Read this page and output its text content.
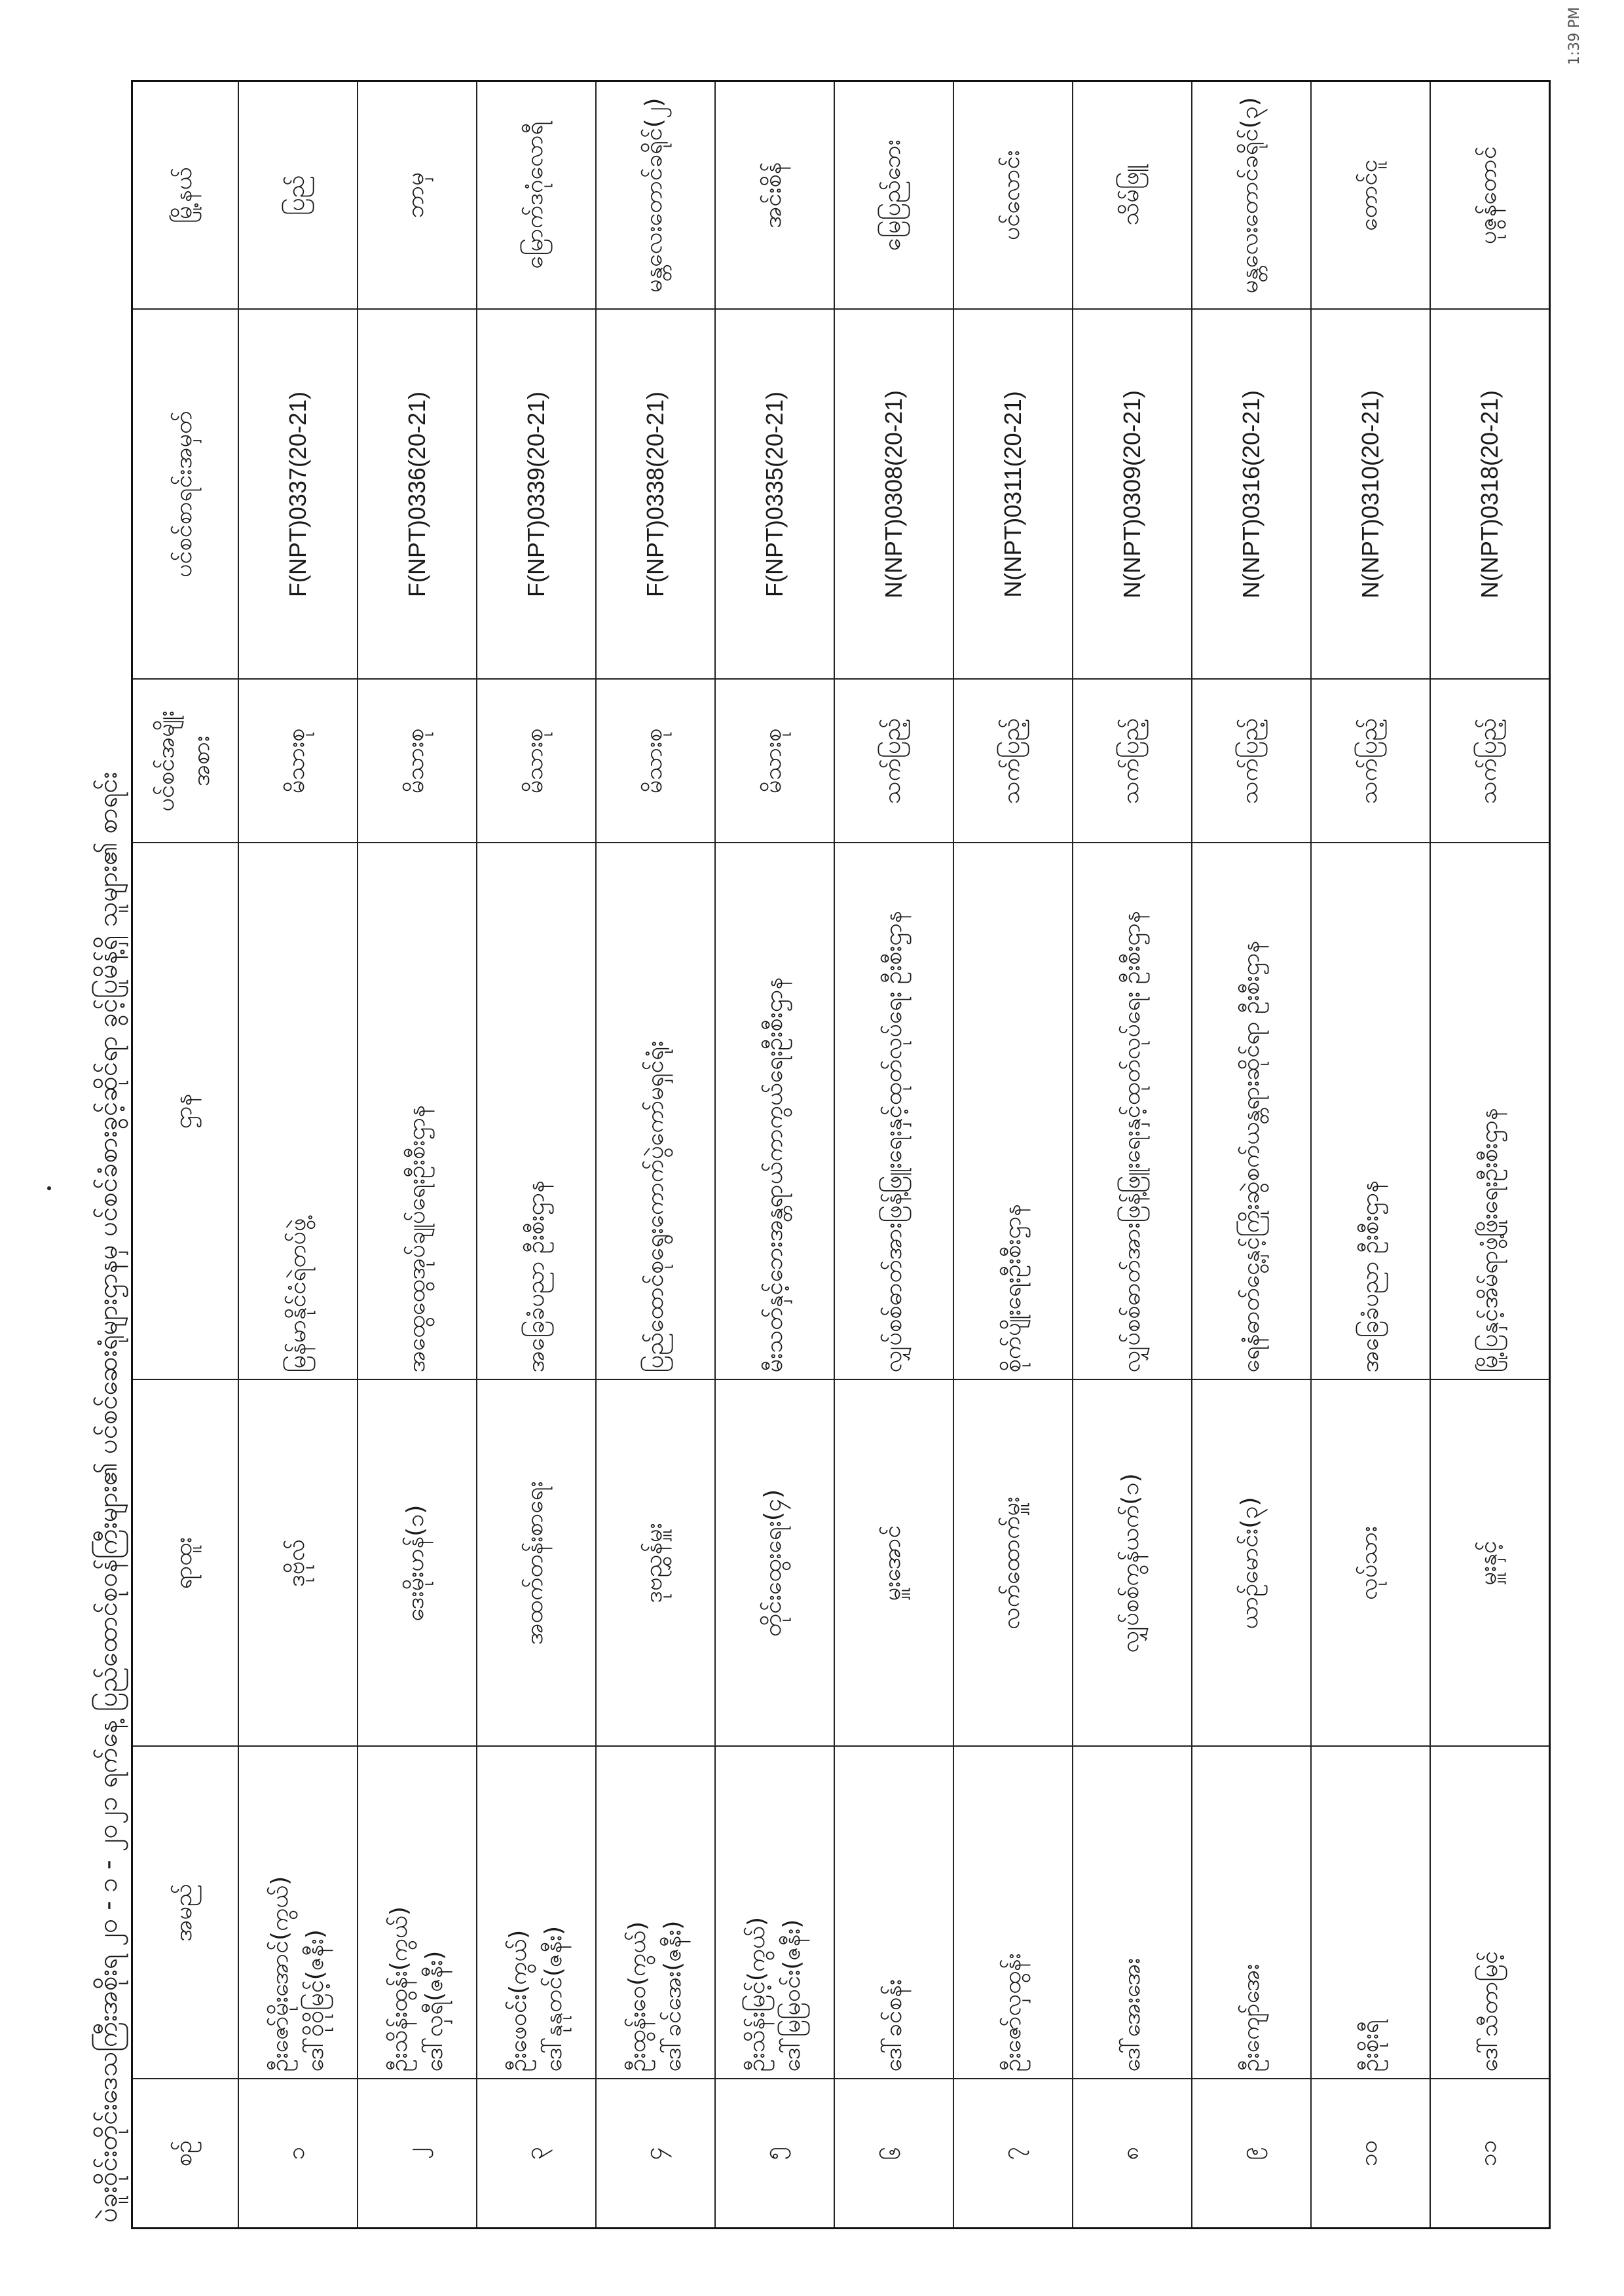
1:39 PM
ပဲခူးဝိုင်းတိုင်းဒေသကြီးအစိုးရ ၂၀ - ၁ - ၂၀၂၁ ရက်နေ့ ပြည်ထောင်စုဝန်ကြီးများ၏ ပင်စင်ဆေးရုံများဌာနမှ ပင်စင်ခံစားခွင့်ဆိုင်ရာ ခွင့်ပြုမိန့်ရှိ သူများ၏ စာရင်း	စဉ်	အမည်	ရာထူး	ဌာန	ပင်စင်အမျိုးအစား	ပင်စင်စာရင်းအမှတ်	မြို့နယ်
၁	ဦးဇော်မိုးအောင်(ကွယ်) ဒေါ်ဝိုဝိုမြင့်(ဇနီး)	ဒုဗိုလ်	မြန်မာနိုင်ငံရဲတပ်ဖွဲ့	မိသားစု	F(NPT)0337(20-21)	ပြည်
၂	ဦးသိန်းထွန်း(ကွယ်) ဒေါ်လှရီ(ဇနီး)	ဒေးမိုးဟန်(၁)	အထွေထွေအုပ်ချုပ်ရေးဦးစီးဌာန	မိသားစု	F(NPT)0336(20-21)	ဘာမှ
၃	ဦးဖေဝင်း(ကွယ်) ဒေါ်နုနုတင်(ဇနီး)	အထက်တန်းစာရေး	အခြေခံပညာ ဦးစီးဌာန	မိသားစု	F(NPT)0339(20-21)	မြောက်ဒဂုံလောရီ
၄	ဦးထွန်းဝေ(ကွယ်) ဒေါ်ခင်အေး(ဇနီး)	ဒုဗညွှန်မှူး	ပြည်ထောင်စုရွေးကောက်ပွဲကော်မရှင်ရုံး	မိသားစု	F(NPT)0338(20-21)	မန္တလေးတောင်ခရိုင်(၂)
၅	ဦးသိန်းမြင့်(ကွယ်) ဒေါ်မြမြဝင်း(ဇနီး)	တိုင်းထွေးရေး(၄)	မီးသတ်နှင့်ဘေးအန္တရာယ်ကာကွယ်ရေးဦးစီးဌာန	မိသားစု	F(NPT)0335(20-21)	အင်းစိန်
၆	ဒေါ်ခင်စန်း	မှူးအောင်	လျှပ်စစ်ဓာတ်အားဖြန့်ဖြူးရေးနှင့်ထုတ်လုပ်ရေး ဦးစီးဌာန	သက်ပြည့်	N(NPT)0308(20-21)	မြေပြည်ဘေး
၇	ဦးဇော်လှထွန်း	လက်ထောက်မှူး	စိုက်ပျိုးရေးဦးစီးဌာန	သက်ပြည့်	N(NPT)0311(20-21)	ပင်လောင်း
၈	ဒေါ်အေးအေး	လျှပ်စစ်ကွန်ယက်(၁)	လျှပ်စစ်ဓာတ်အားဖြန့်ဖြူးရေးနှင့်ထုတ်လုပ်ရေး ဦးစီးဌာန	သက်ပြည့်	N(NPT)0309(20-21)	သိမ်ဖြူ
၉	ဦးကျော်အေး	ယာဉ်မောင်း(၃)	ရေနံဓာတ်ငွေ့နှင့်ကြိုးဆွဲစက်ယန္တရားဆိုင်ရာ ဦးစီးဌာန	သက်ပြည့်	N(NPT)0316(20-21)	မန္တလေးတောင်ခရိုင်(၃)
၁၀	ဦးစိုးရီ	လုပ်သား	အခြေခံပညာ ဦးစီးဌာန	သက်ပြည့်	N(NPT)0310(20-21)	တောင်ငူ
၁၁	ဒေါ်သီတာမြင့်	မှူးနှင့်	မြို့ပြနှင့်အိမ်ရာဖွံ့ဖြိုးရေးဦးစီးဌာန	သက်ပြည့်	N(NPT)0318(20-21)	ပုဇွန်တောင်
